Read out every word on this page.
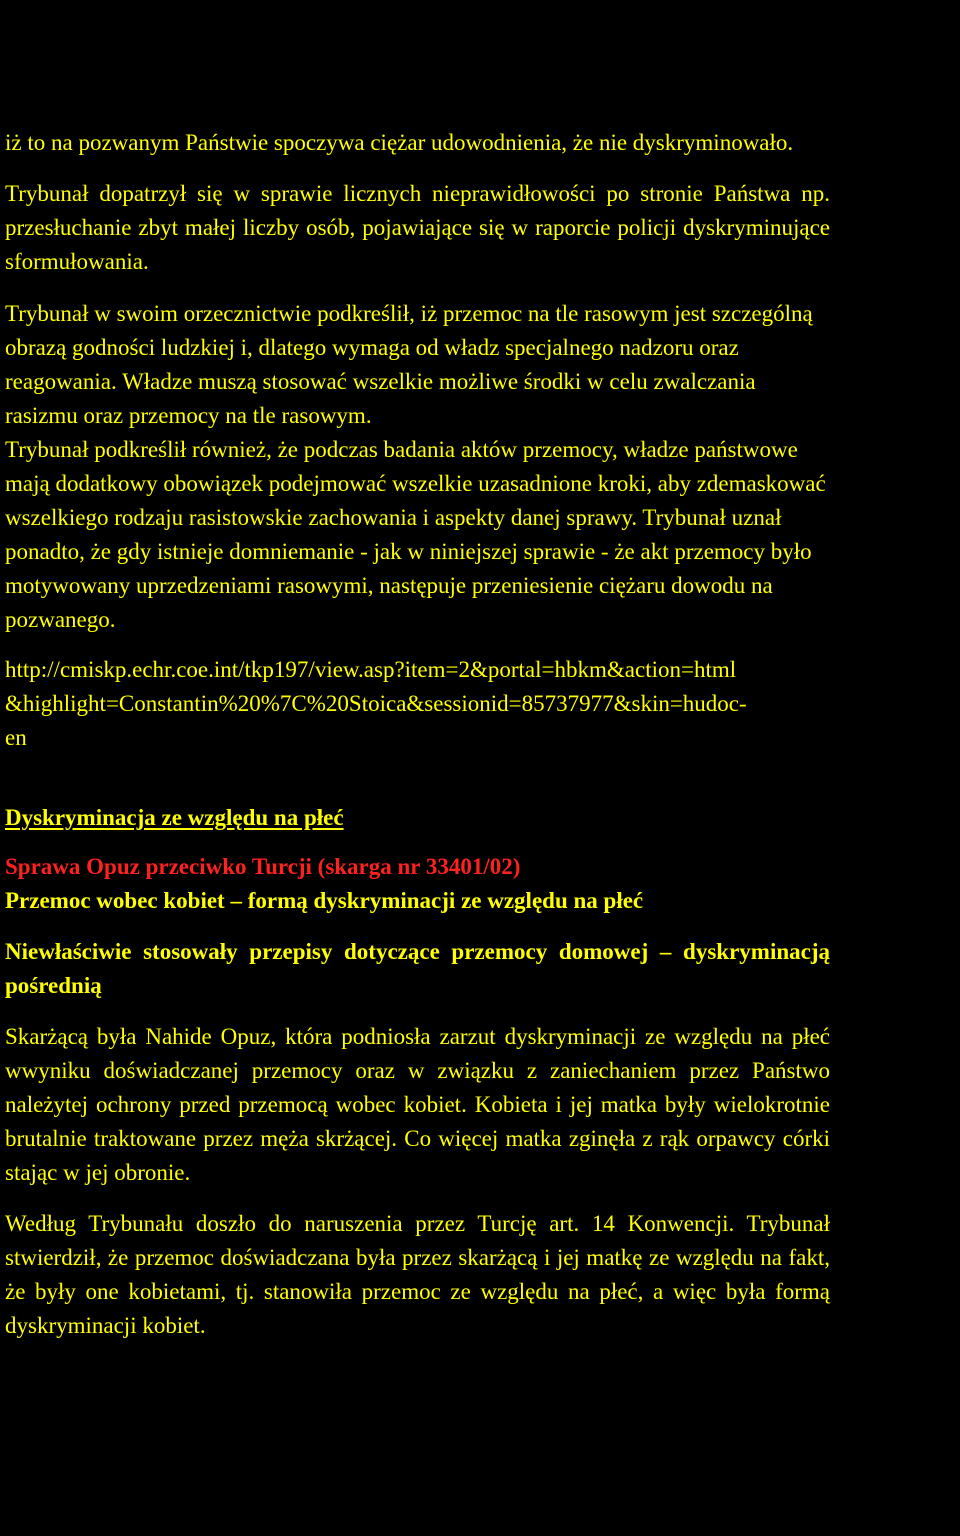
iż to na pozwanym Państwie spoczywa ciężar udowodnienia, że nie dyskryminowało.

Trybunał dopatrzył się w sprawie licznych nieprawidłowości po stronie Państwa np. przesłuchanie zbyt małej liczby osób, pojawiające się w raporcie policji dyskryminujące sformułowania.

Trybunał w swoim orzecznictwie podkreślił, iż przemoc na tle rasowym jest szczególną obrazą godności ludzkiej i, dlatego wymaga od władz specjalnego nadzoru oraz reagowania. Władze muszą stosować wszelkie możliwe środki w celu zwalczania rasizmu oraz przemocy na tle rasowym.

Trybunał podkreślił również, że podczas badania aktów przemocy, władze państwowe mają dodatkowy obowiązek podejmować wszelkie uzasadnione kroki, aby zdemaskować wszelkiego rodzaju rasistowskie zachowania i aspekty danej sprawy. Trybunał uznał ponadto, że gdy istnieje domniemanie - jak w niniejszej sprawie - że akt przemocy było motywowany uprzedzeniami rasowymi, następuje przeniesienie ciężaru dowodu na pozwanego.

http://cmiskp.echr.coe.int/tkp197/view.asp?item=2&portal=hbkm&action=html
&highlight=Constantin%20%7C%20Stoica&sessionid=85737977&skin=hudoc-
en

Dyskryminacja ze względu na płeć

Sprawa Opuz przeciwko Turcji (skarga nr 33401/02)

Przemoc wobec kobiet – formą dyskryminacji ze względu na płeć

Niewłaściwie stosowały przepisy dotyczące przemocy domowej – dyskryminacją pośrednią

Skarżącą była Nahide Opuz, która podniosła zarzut dyskryminacji ze względu na płeć wwyniku doświadczanej przemocy oraz w związku z zaniechaniem przez Państwo należytej ochrony przed przemocą wobec kobiet. Kobieta i jej matka były wielokrotnie brutalnie traktowane przez męża skrżącej. Co więcej matka zginęła z rąk orpawcy córki stając w jej obronie.

Według Trybunału doszło do naruszenia przez Turcję art. 14 Konwencji. Trybunał stwierdził, że przemoc doświadczana była przez skarżącą i jej matkę ze względu na fakt, że były one kobietami, tj. stanowiła przemoc ze względu na płeć, a więc była formą dyskryminacji kobiet.
